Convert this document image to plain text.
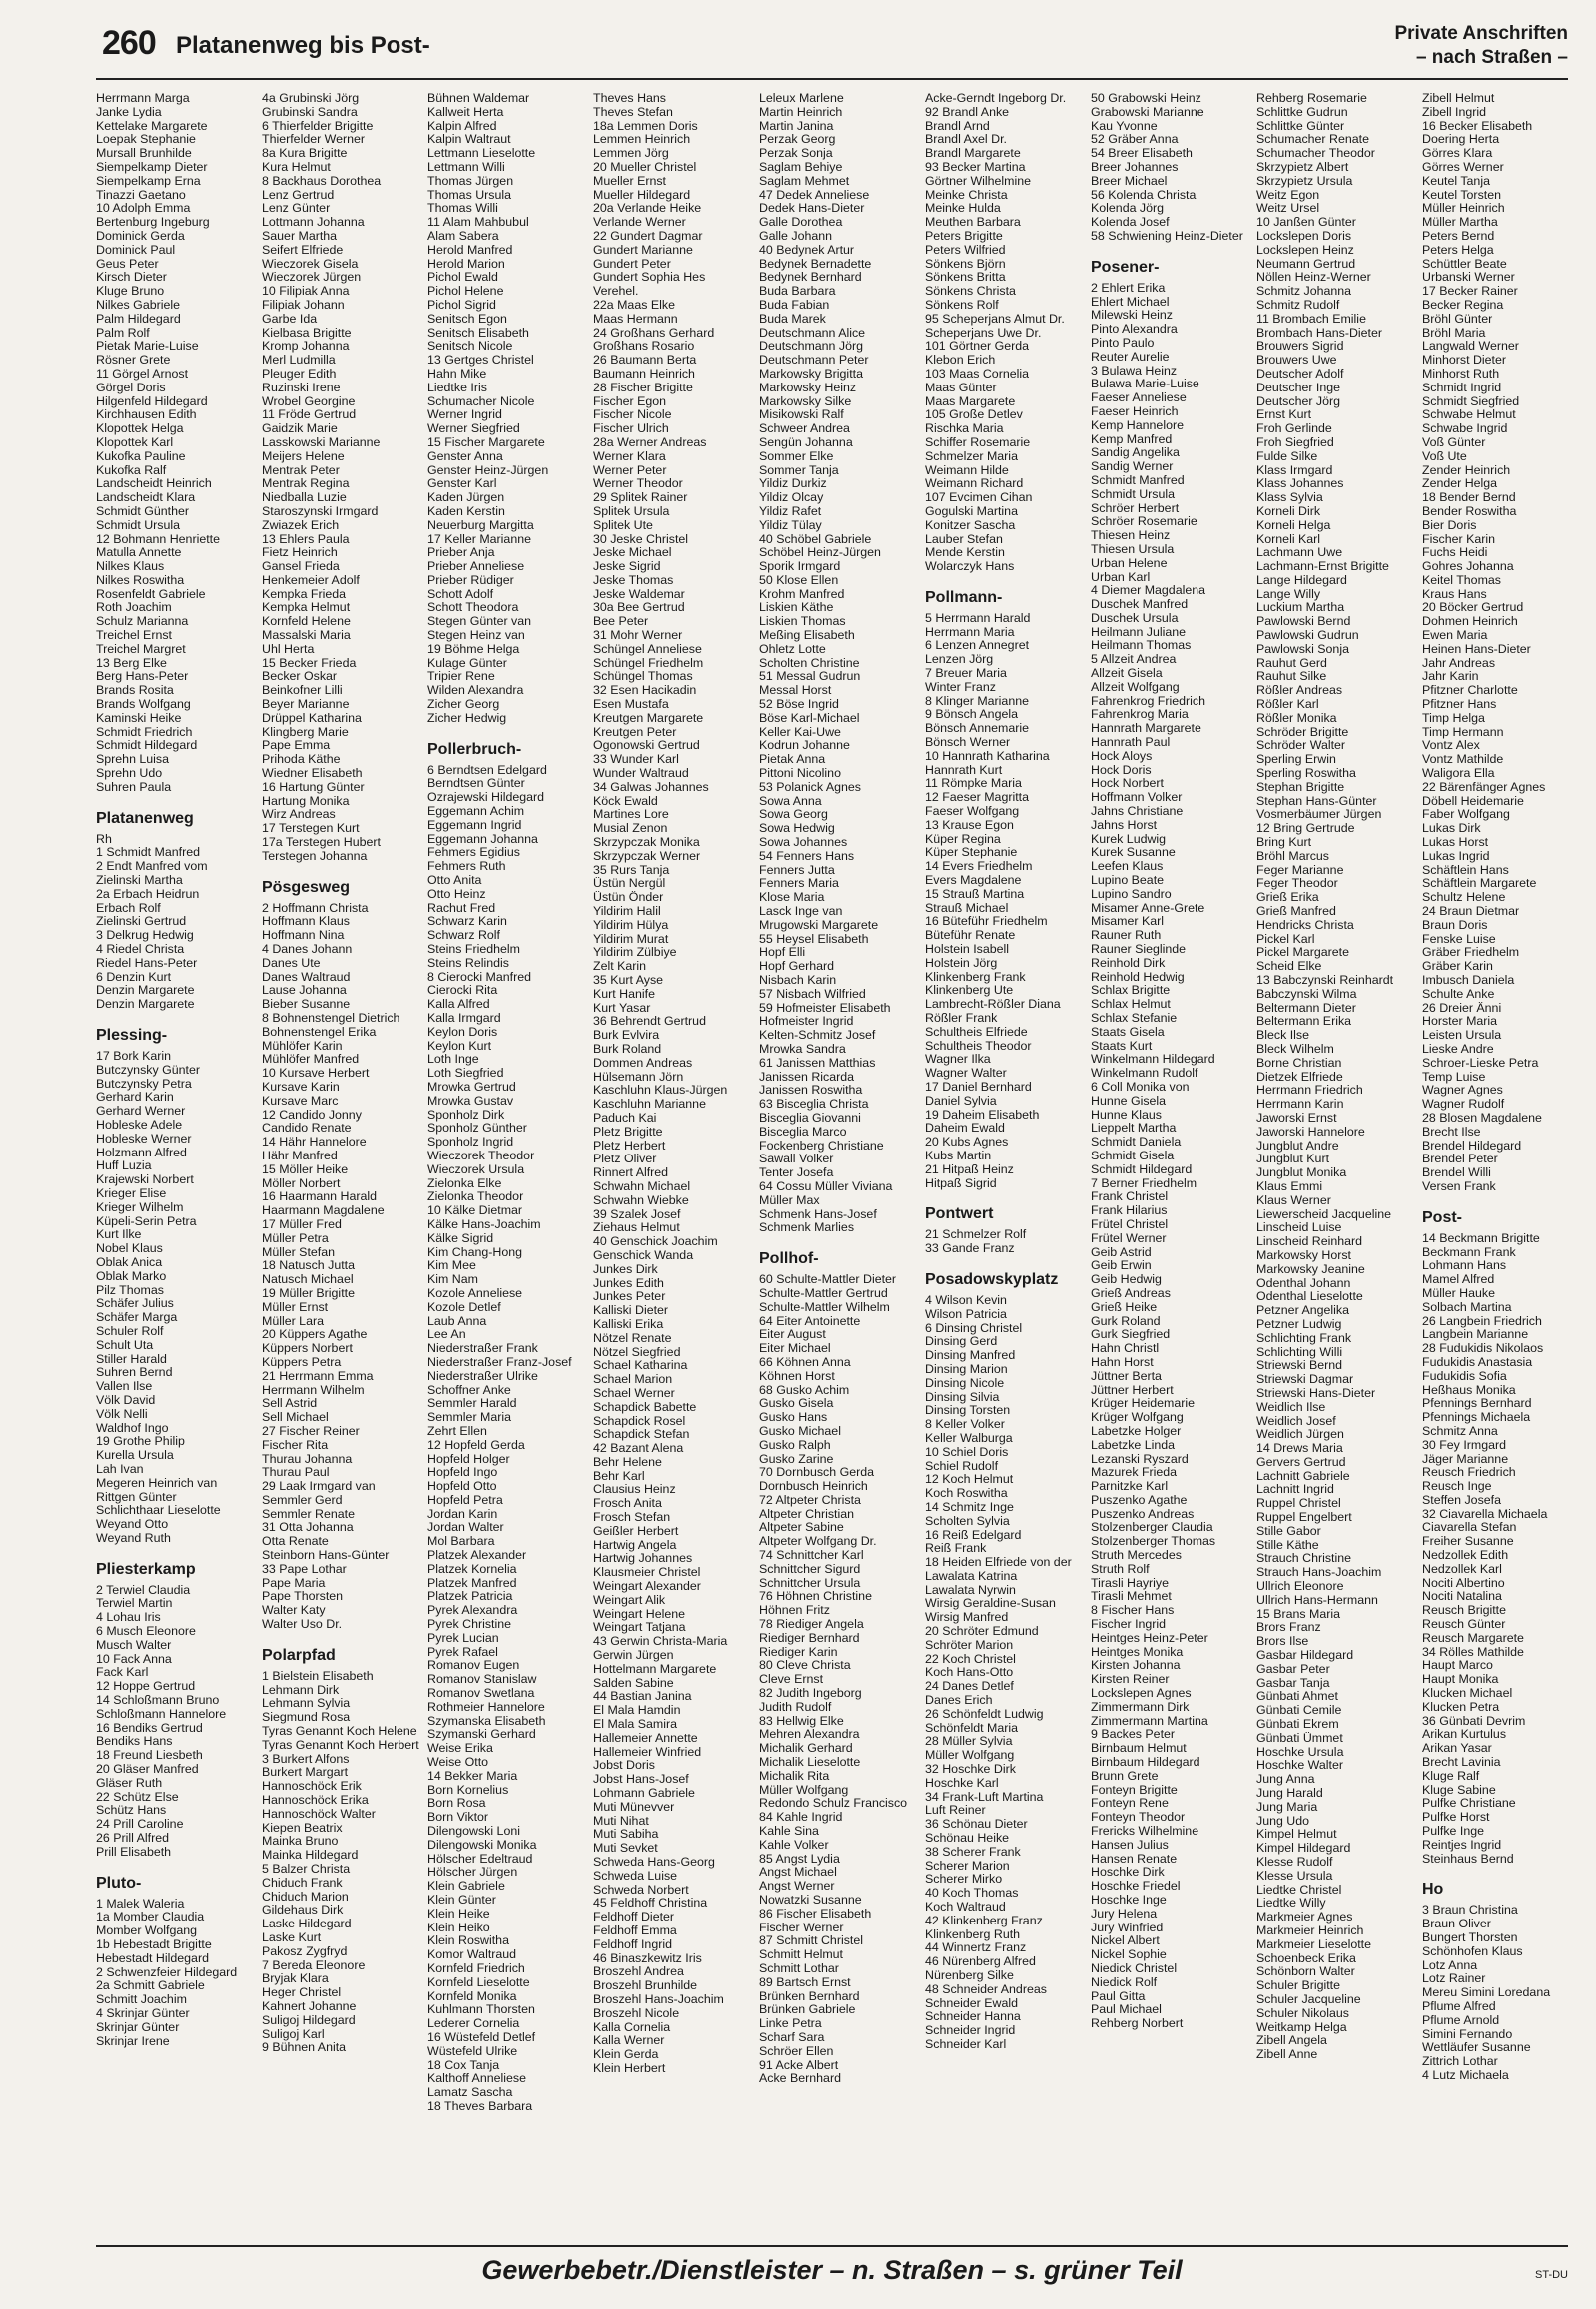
260 Platanenweg bis Post-	Private Anschriften
– nach Straßen –
Herrmann Marga
Janke Lydia
Kettelake Margarete
Loepak Stephanie
Mursall Brunhilde
Siempelkamp Dieter
Siempelkamp Erna
Tinazzi Gaetano
10 Adolph Emma
Bertenburg Ingeburg
Dominick Gerda
Dominick Paul
Geus Peter
Kirsch Dieter
Kluge Bruno
Nilkes Gabriele
Palm Hildegard
Palm Rolf
Pietak Marie-Luise
Rösner Grete
11 Görgel Arnost
Görgel Doris
Hilgenfeld Hildegard
Kirchhausen Edith
Klopottek Helga
Klopottek Karl
Kukofka Pauline
Kukofka Ralf
Landscheidt Heinrich
Landscheidt Klara
Schmidt Günther
Schmidt Ursula
12 Bohmann Henriette
Matulla Annette
Nilkes Klaus
Nilkes Roswitha
Rosenfeldt Gabriele
Roth Joachim
Schulz Marianna
Treichel Ernst
Treichel Margret
13 Berg Elke
Berg Hans-Peter
Brands Rosita
Brands Wolfgang
Kaminski Heike
Schmidt Friedrich
Schmidt Hildegard
Sprehn Luisa
Sprehn Udo
Suhren Paula
Platanenweg
Rh
1 Schmidt Manfred
2 Endt Manfred vom
Zielinski Martha
2a Erbach Heidrun
Erbach Rolf
Zielinski Gertrud
3 Delkrug Hedwig
4 Riedel Christa
Riedel Hans-Peter
6 Denzin Kurt
Denzin Margarete
Denzin Margarete
Plessing-
17 Bork Karin
Butczynsky Günter
Butczynsky Petra
Gerhard Karin
Gerhard Werner
Hobleske Adele
Hobleske Werner
Holzmann Alfred
Huff Luzia
Krajewski Norbert
Krieger Elise
Krieger Wilhelm
Küpeli-Serin Petra
Kurt Ilke
Nobel Klaus
Oblak Anica
Oblak Marko
Pilz Thomas
Schäfer Julius
Schäfer Marga
Schuler Rolf
Schult Uta
Stiller Harald
Suhren Bernd
Vallen Ilse
Völk David
Völk Nelli
Waldhof Ingo
19 Grothe Philip
Kurella Ursula
Lah Ivan
Megeren Heinrich van
Rittgen Günter
Schlichthaar Lieselotte
Weyand Otto
Weyand Ruth
Pliesterkamp
2 Terwiel Claudia
Terwiel Martin
4 Lohau Iris
6 Musch Eleonore
Musch Walter
10 Fack Anna
Fack Karl
12 Hoppe Gertrud
14 Schloßmann Bruno
Schloßmann Hannelore
16 Bendiks Gertrud
Bendiks Hans
18 Freund Liesbeth
20 Gläser Manfred
Gläser Ruth
22 Schütz Else
Schütz Hans
24 Prill Caroline
26 Prill Alfred
Prill Elisabeth
Pluto-
1 Malek Waleria
1a Momber Claudia
Momber Wolfgang
1b Hebestadt Brigitte
Hebestadt Hildegard
2 Schwenzfeier Hildegard
2a Schmitt Gabriele
Schmitt Joachim
4 Skrinjar Günter
Skrinjar Günter
Skrinjar Irene
4a Grubinski Jörg
Grubinski Sandra
6 Thierfelder Brigitte
Thierfelder Werner
8a Kura Brigitte
Kura Helmut
8 Backhaus Dorothea
Lenz Gertrud
Lenz Günter
Lottmann Johanna
Sauer Martha
Seifert Elfriede
Wieczorek Gisela
Wieczorek Jürgen
10 Filipiak Anna
Filipiak Johann
Garbe Ida
Kielbasa Brigitte
Kromp Johanna
Merl Ludmilla
Pleuger Edith
Ruzinski Irene
Wrobel Georgine
11 Fröde Gertrud
Gaidzik Marie
Lasskowski Marianne
Meijers Helene
Mentrak Peter
Mentrak Regina
Niedballa Luzie
Staroszynski Irmgard
Zwiazek Erich
13 Ehlers Paula
Fietz Heinrich
Gansel Frieda
Henkemeier Adolf
Kempka Frieda
Kempka Helmut
Kornfeld Helene
Massalski Maria
Uhl Herta
15 Becker Frieda
Becker Oskar
Beinkofner Lilli
Beyer Marianne
Drüppel Katharina
Klingberg Marie
Pape Emma
Prihoda Käthe
Wiedner Elisabeth
16 Hartung Günter
Hartung Monika
Wirz Andreas
17 Terstegen Kurt
17a Terstegen Hubert
Terstegen Johanna
Pösgesweg
2 Hoffmann Christa
Hoffmann Klaus
Hoffmann Nina
4 Danes Johann
Danes Ute
Danes Waltraud
Lause Johanna
Bieber Susanne
8 Bohnenstengel Dietrich
Bohnenstengel Erika
Mühlöfer Karin
Mühlöfer Manfred
10 Kursave Herbert
Kursave Karin
Kursave Marc
12 Candido Jonny
Candido Renate
14 Hähr Hannelore
Hähr Manfred
15 Möller Heike
Möller Norbert
16 Haarmann Harald
Haarmann Magdalene
17 Müller Fred
Müller Petra
Müller Stefan
18 Natusch Jutta
Natusch Michael
19 Müller Brigitte
Müller Ernst
Müller Lara
20 Küppers Agathe
Küppers Norbert
Küppers Petra
21 Herrmann Emma
Herrmann Wilhelm
Sell Astrid
Sell Michael
27 Fischer Reiner
Fischer Rita
Thurau Johanna
Thurau Paul
29 Laak Irmgard van
Semmler Gerd
Semmler Renate
31 Otta Johanna
Otta Renate
Steinborn Hans-Günter
33 Pape Lothar
Pape Maria
Pape Thorsten
Walter Katy
Walter Uso Dr.
Polarpfad
1 Bielstein Elisabeth
Lehmann Dirk
Lehmann Sylvia
Siegmund Rosa
Tyras Genannt Koch Helene
Tyras Genannt Koch Herbert
3 Burkert Alfons
Burkert Margart
Hannoschöck Erik
Hannoschöck Erika
Hannoschöck Walter
Kiepen Beatrix
Mainka Bruno
Mainka Hildegard
5 Balzer Christa
Chiduch Frank
Chiduch Marion
Gildehaus Dirk
Laske Hildegard
Laske Kurt
Pakosz Zygfryd
7 Bereda Eleonore
Bryjak Klara
Heger Christel
Kahnert Johanne
Suligoj Hildegard
Suligoj Karl
9 Bühnen Anita
Bühnen Waldemar
Kallweit Herta
Kalpin Alfred
Kalpin Waltraut
Lettmann Lieselotte
Lettmann Willi
Thomas Jürgen
Thomas Ursula
Thomas Willi
11 Alam Mahbubul
Alam Sabera
Herold Manfred
Herold Marion
Pichol Ewald
Pichol Helene
Pichol Sigrid
Senitsch Egon
Senitsch Elisabeth
Senitsch Nicole
13 Gertges Christel
Hahn Mike
Liedtke Iris
Schumacher Nicole
Werner Ingrid
Werner Siegfried
15 Fischer Margarete
Genster Anna
Genster Heinz-Jürgen
Genster Karl
Kaden Jürgen
Kaden Kerstin
Neuerburg Margitta
17 Keller Marianne
Prieber Anja
Prieber Anneliese
Prieber Rüdiger
Schott Adolf
Schott Theodora
Stegen Günter van
Stegen Heinz van
19 Böhme Helga
Kulage Günter
Tripier Rene
Wilden Alexandra
Zicher Georg
Zicher Hedwig
Pollerbruch-
6 Berndtsen Edelgard
Berndtsen Günter
Ozrajewski Hildegard
Eggemann Achim
Eggemann Ingrid
Eggemann Johanna
Fehmers Egidius
Fehmers Ruth
Otto Anita
Otto Heinz
Rachut Fred
Schwarz Karin
Schwarz Rolf
Steins Friedhelm
Steins Relindis
8 Cierocki Manfred
Cierocki Rita
Kalla Alfred
Kalla Irmgard
Keylon Doris
Keylon Kurt
Loth Inge
Loth Siegfried
Mrowka Gertrud
Mrowka Gustav
Sponholz Dirk
Sponholz Günther
Sponholz Ingrid
Wieczorek Theodor
Wieczorek Ursula
Zielonka Elke
Zielonka Theodor
10 Kälke Dietmar
Kälke Hans-Joachim
Kälke Sigrid
Kim Chang-Hong
Kim Mee
Kim Nam
Kozole Anneliese
Kozole Detlef
Laub Anna
Lee An
Niederstraßer Frank
Niederstraßer Franz-Josef
Niederstraßer Ulrike
Schoffner Anke
Semmler Harald
Semmler Maria
Zehrt Ellen
12 Hopfeld Gerda
Hopfeld Holger
Hopfeld Ingo
Hopfeld Otto
Hopfeld Petra
Jordan Karin
Jordan Walter
Mol Barbara
Platzek Alexander
Platzek Kornelia
Platzek Manfred
Platzek Patricia
Pyrek Alexandra
Pyrek Christine
Pyrek Lucian
Pyrek Rafael
Romanov Eugen
Romanov Stanislaw
Romanov Swetlana
Rothmeier Hannelore
Szymanska Elisabeth
Szymanski Gerhard
Weise Erika
Weise Otto
14 Bekker Maria
Born Kornelius
Born Rosa
Born Viktor
Dilengowski Loni
Dilengowski Monika
Hölscher Edeltraud
Hölscher Jürgen
Klein Gabriele
Klein Günter
Klein Heike
Klein Heiko
Klein Roswitha
Komor Waltraud
Kornfeld Friedrich
Kornfeld Lieselotte
Kornfeld Monika
Kuhlmann Thorsten
Lederer Cornelia
16 Wüstefeld Detlef
Wüstefeld Ulrike
18 Cox Tanja
Kalthoff Anneliese
Lamatz Sascha
18 Theves Barbara
Theves Hans
Theves Stefan
18a Lemmen Doris
Lemmen Heinrich
Lemmen Jörg
20 Mueller Christel
Mueller Ernst
Mueller Hildegard
20a Verlande Heike
Verlande Werner
22 Gundert Dagmar
Gundert Marianne
Gundert Peter
Gundert Sophia Hes
Verehel.
22a Maas Elke
Maas Hermann
24 Großhans Gerhard
Großhans Rosario
26 Baumann Berta
Baumann Heinrich
28 Fischer Brigitte
Fischer Egon
Fischer Nicole
Fischer Ulrich
28a Werner Andreas
Werner Klara
Werner Peter
Werner Theodor
29 Splitek Rainer
Splitek Ursula
Splitek Ute
30 Jeske Christel
Jeske Michael
Jeske Sigrid
Jeske Thomas
Jeske Waldemar
30a Bee Gertrud
Bee Peter
31 Mohr Werner
Schüngel Anneliese
Schüngel Friedhelm
Schüngel Thomas
32 Esen Hacikadin
Esen Mustafa
Kreutgen Margarete
Kreutgen Peter
Ogonowski Gertrud
33 Wunder Karl
Wunder Waltraud
34 Galwas Johannes
Köck Ewald
Martines Lore
Musial Zenon
Skrzypczak Monika
Skrzypczak Werner
35 Rurs Tanja
Üstün Nergül
Üstün Önder
Yildirim Halil
Yildirim Hülya
Yildirim Murat
Yildirim Zülbiye
Zelt Karin
35 Kurt Ayse
Kurt Hanife
Kurt Yasar
36 Behrendt Gertrud
Burk Evlvira
Burk Roland
Dommen Andreas
Hülsemann Jörn
Kaschluhn Klaus-Jürgen
Kaschluhn Marianne
Paduch Kai
Pletz Brigitte
Pletz Herbert
Pletz Oliver
Rinnert Alfred
Schwahn Michael
Schwahn Wiebke
39 Szalek Josef
Ziehaus Helmut
40 Genschick Joachim
Genschick Wanda
Junkes Dirk
Junkes Edith
Junkes Peter
Kalliski Dieter
Kalliski Erika
Nötzel Renate
Nötzel Siegfried
Schael Katharina
Schael Marion
Schael Werner
Schapdick Babette
Schapdick Rosel
Schapdick Stefan
42 Bazant Alena
Behr Helene
Behr Karl
Clausius Heinz
Frosch Anita
Frosch Stefan
Geißler Herbert
Hartwig Angela
Hartwig Johannes
Klausmeier Christel
Weingart Alexander
Weingart Alik
Weingart Helene
Weingart Tatjana
43 Gerwin Christa-Maria
Gerwin Jürgen
Hottelmann Margarete
Salden Sabine
44 Bastian Janina
El Mala Hamdin
El Mala Samira
Hallemeier Annette
Hallemeier Winfried
Jobst Doris
Jobst Hans-Josef
Lohmann Gabriele
Muti Münevver
Muti Nihat
Muti Sabiha
Muti Sevket
Schweda Hans-Georg
Schweda Luise
Schweda Norbert
45 Feldhoff Christina
Feldhoff Dieter
Feldhoff Emma
Feldhoff Ingrid
46 Binaszkewitz Iris
Broszehl Andrea
Broszehl Brunhilde
Broszehl Hans-Joachim
Broszehl Nicole
Kalla Cornelia
Kalla Werner
Klein Gerda
Klein Herbert
Leleux Marlene
Martin Heinrich
Martin Janina
Perzak Georg
Perzak Sonja
Saglam Behiye
Saglam Mehmet
47 Dedek Anneliese
Dedek Hans-Dieter
Galle Dorothea
Galle Johann
40 Bedynek Artur
Bedynek Bernadette
Bedynek Bernhard
Buda Barbara
Buda Fabian
Buda Marek
Deutschmann Alice
Deutschmann Jörg
Deutschmann Peter
Markowsky Brigitta
Markowsky Heinz
Markowsky Silke
Misikowski Ralf
Schweer Andrea
Sengün Johanna
Sommer Elke
Sommer Tanja
Yildiz Durkiz
Yildiz Olcay
Yildiz Rafet
Yildiz Tülay
40 Schöbel Gabriele
Schöbel Heinz-Jürgen
Sporik Irmgard
50 Klose Ellen
Krohm Manfred
Liskien Käthe
Liskien Thomas
Meßing Elisabeth
Ohletz Lotte
Scholten Christine
51 Messal Gudrun
Messal Horst
52 Böse Ingrid
Böse Karl-Michael
Keller Kai-Uwe
Kodrun Johanne
Pietak Anna
Pittoni Nicolino
53 Polanick Agnes
Sowa Anna
Sowa Georg
Sowa Hedwig
Sowa Johannes
54 Fenners Hans
Fenners Jutta
Fenners Maria
Klose Maria
Lasck Inge van
Mrugowski Margarete
55 Heysel Elisabeth
Hopf Elli
Hopf Gerhard
Nisbach Karin
57 Nisbach Wilfried
59 Hofmeister Elisabeth
Hofmeister Ingrid
Kelten-Schmitz Josef
Mrowka Sandra
61 Janissen Matthias
Janissen Ricarda
Janissen Roswitha
63 Bisceglia Christa
Bisceglia Giovanni
Bisceglia Marco
Fockenberg Christiane
Sawall Volker
Tenter Josefa
64 Cossu Müller Viviana
Müller Max
Schmenk Hans-Josef
Schmenk Marlies
Pollhof-
60 Schulte-Mattler Dieter
Schulte-Mattler Gertrud
Schulte-Mattler Wilhelm
64 Eiter Antoinette
Eiter August
Eiter Michael
66 Köhnen Anna
Köhnen Horst
68 Gusko Achim
Gusko Gisela
Gusko Hans
Gusko Michael
Gusko Ralph
Gusko Zarine
70 Dornbusch Gerda
Dornbusch Heinrich
72 Altpeter Christa
Altpeter Christian
Altpeter Sabine
Altpeter Wolfgang Dr.
74 Schnittcher Karl
Schnittcher Sigurd
Schnittcher Ursula
76 Höhnen Christine
Höhnen Fritz
78 Riediger Angela
Riediger Bernhard
Riediger Karin
80 Cleve Christa
Cleve Ernst
82 Judith Ingeborg
Judith Rudolf
83 Hellwig Elke
Mehren Alexandra
Michalik Gerhard
Michalik Lieselotte
Michalik Rita
Müller Wolfgang
Redondo Schulz Francisco
84 Kahle Ingrid
Kahle Sina
Kahle Volker
85 Angst Lydia
Angst Michael
Angst Werner
Nowatzki Susanne
86 Fischer Elisabeth
Fischer Werner
87 Schmitt Christel
Schmitt Helmut
Schmitt Lothar
89 Bartsch Ernst
Brünken Bernhard
Brünken Gabriele
Linke Petra
Scharf Sara
Schröer Ellen
91 Acke Albert
Acke Bernhard
Acke-Gerndt Ingeborg Dr.
92 Brandl Anke
Brandl Arnd
Brandl Axel Dr.
Brandl Margarete
93 Becker Martina
Görtner Wilhelmine
Meinke Christa
Meinke Hulda
Meuthen Barbara
Peters Brigitte
Peters Wilfried
Sönkens Björn
Sönkens Britta
Sönkens Christa
Sönkens Rolf
95 Scheperjans Almut Dr.
Scheperjans Uwe Dr.
101 Görtner Gerda
Klebon Erich
103 Maas Cornelia
Maas Günter
Maas Margarete
105 Große Detlev
Rischka Maria
Schiffer Rosemarie
Schmelzer Maria
Weimann Hilde
Weimann Richard
107 Evcimen Cihan
Gogulski Martina
Konitzer Sascha
Lauber Stefan
Mende Kerstin
Wolarczyk Hans
Pollmann-
5 Herrmann Harald
Herrmann Maria
6 Lenzen Annegret
Lenzen Jörg
7 Breuer Maria
Winter Franz
8 Klinger Marianne
9 Bönsch Angela
Bönsch Annemarie
Bönsch Werner
10 Hannrath Katharina
Hannrath Kurt
11 Römpke Maria
12 Faeser Magritta
Faeser Wolfgang
13 Krause Egon
Küper Regina
Küper Stephanie
14 Evers Friedhelm
Evers Magdalene
15 Strauß Martina
Strauß Michael
16 Büteführ Friedhelm
Büteführ Renate
Holstein Isabell
Holstein Jörg
Klinkenberg Frank
Klinkenberg Ute
Lambrecht-Rößler Diana
Rößler Frank
Schultheis Elfriede
Schultheis Theodor
Wagner Ilka
Wagner Walter
17 Daniel Bernhard
Daniel Sylvia
19 Daheim Elisabeth
Daheim Ewald
20 Kubs Agnes
Kubs Martin
21 Hitpaß Heinz
Hitpaß Sigrid
Pontwert
21 Schmelzer Rolf
33 Gande Franz
Posadowskyplatz
4 Wilson Kevin
Wilson Patricia
6 Dinsing Christel
Dinsing Gerd
Dinsing Manfred
Dinsing Marion
Dinsing Nicole
Dinsing Silvia
Dinsing Torsten
8 Keller Volker
Keller Walburga
10 Schiel Doris
Schiel Rudolf
12 Koch Helmut
Koch Roswitha
14 Schmitz Inge
Scholten Sylvia
16 Reiß Edelgard
Reiß Frank
18 Heiden Elfriede von der
Lawalata Katrina
Lawalata Nyrwin
Wirsig Geraldine-Susan
Wirsig Manfred
20 Schröter Edmund
Schröter Marion
22 Koch Christel
Koch Hans-Otto
24 Danes Detlef
Danes Erich
26 Schönfeldt Ludwig
Schönfeldt Maria
28 Müller Sylvia
Müller Wolfgang
32 Hoschke Dirk
Hoschke Karl
34 Frank-Luft Martina
Luft Reiner
36 Schönau Dieter
Schönau Heike
38 Scherer Frank
Scherer Marion
Scherer Mirko
40 Koch Thomas
Koch Waltraud
42 Klinkenberg Franz
Klinkenberg Ruth
44 Winnertz Franz
46 Nürenberg Alfred
Nürenberg Silke
48 Schneider Andreas
Schneider Ewald
Schneider Hanna
Schneider Ingrid
Schneider Karl
50 Grabowski Heinz
Grabowski Marianne
Kau Yvonne
52 Gräber Anna
54 Breer Elisabeth
Breer Johannes
Breer Michael
56 Kolenda Christa
Kolenda Jörg
Kolenda Josef
58 Schwiening Heinz-Dieter
Posener-
2 Ehlert Erika
Ehlert Michael
Milewski Heinz
Pinto Alexandra
Pinto Paulo
Reuter Aurelie
3 Bulawa Heinz
Bulawa Marie-Luise
Faeser Anneliese
Faeser Heinrich
Kemp Hannelore
Kemp Manfred
Sandig Angelika
Sandig Werner
Schmidt Manfred
Schmidt Ursula
Schröer Herbert
Schröer Rosemarie
Thiesen Heinz
Thiesen Ursula
Urban Helene
Urban Karl
4 Diemer Magdalena
Duschek Manfred
Duschek Ursula
Heilmann Juliane
Heilmann Thomas
5 Allzeit Andrea
Allzeit Gisela
Allzeit Wolfgang
Fahrenkrog Friedrich
Fahrenkrog Maria
Hannrath Margarete
Hannrath Paul
Hock Aloys
Hock Doris
Hock Norbert
Hoffmann Volker
Jahns Christiane
Jahns Horst
Kurek Ludwig
Kurek Susanne
Leefen Klaus
Lupino Beate
Lupino Sandro
Misamer Anne-Grete
Misamer Karl
Rauner Ruth
Rauner Sieglinde
Reinhold Dirk
Reinhold Hedwig
Schlax Brigitte
Schlax Helmut
Schlax Stefanie
Staats Gisela
Staats Kurt
Winkelmann Hildegard
Winkelmann Rudolf
6 Coll Monika von
Hunne Gisela
Hunne Klaus
Lieppelt Martha
Schmidt Daniela
Schmidt Gisela
Schmidt Hildegard
7 Berner Friedhelm
Frank Christel
Frank Hilarius
Frütel Christel
Frütel Werner
Geib Astrid
Geib Erwin
Geib Hedwig
Grieß Andreas
Grieß Heike
Gurk Roland
Gurk Siegfried
Hahn Christl
Hahn Horst
Jüttner Berta
Jüttner Herbert
Krüger Heidemarie
Krüger Wolfgang
Labetzke Holger
Labetzke Linda
Lezanski Ryszard
Mazurek Frieda
Parnitzke Karl
Puszenko Agathe
Puszenko Andreas
Stolzenberger Claudia
Stolzenberger Thomas
Struth Mercedes
Struth Rolf
Tirasli Hayriye
Tirasli Mehmet
8 Fischer Hans
Fischer Ingrid
Heintges Heinz-Peter
Heintges Monika
Kirsten Johanna
Kirsten Reiner
Lockslepen Agnes
Zimmermann Dirk
Zimmermann Martina
9 Backes Peter
Birnbaum Helmut
Birnbaum Hildegard
Brunn Grete
Fonteyn Brigitte
Fonteyn Rene
Fonteyn Theodor
Frericks Wilhelmine
Hansen Julius
Hansen Renate
Hoschke Dirk
Hoschke Friedel
Hoschke Inge
Jury Helena
Jury Winfried
Nickel Albert
Nickel Sophie
Niedick Christel
Niedick Rolf
Paul Gitta
Paul Michael
Rehberg Norbert
Rehberg Rosemarie
Schlittke Gudrun
Schlittke Günter
Schumacher Renate
Schumacher Theodor
Skrzypietz Albert
Skrzypietz Ursula
Weitz Egon
Weitz Ursel
10 Janßen Günter
Lockslepen Doris
Lockslepen Heinz
Neumann Gertrud
Nöllen Heinz-Werner
Schmitz Johanna
Schmitz Rudolf
11 Brombach Emilie
Brombach Hans-Dieter
Brouwers Sigrid
Brouwers Uwe
Deutscher Adolf
Deutscher Inge
Deutscher Jörg
Ernst Kurt
Froh Gerlinde
Froh Siegfried
Fulde Silke
Klass Irmgard
Klass Johannes
Klass Sylvia
Korneli Dirk
Korneli Helga
Korneli Karl
Lachmann Uwe
Lachmann-Ernst Brigitte
Lange Hildegard
Lange Willy
Luckium Martha
Pawlowski Bernd
Pawlowski Gudrun
Pawlowski Sonja
Rauhut Gerd
Rauhut Silke
Rößler Andreas
Rößler Karl
Rößler Monika
Schröder Brigitte
Schröder Walter
Sperling Erwin
Sperling Roswitha
Stephan Brigitte
Stephan Hans-Günter
Vosmerbäumer Jürgen
12 Bring Gertrude
Bring Kurt
Bröhl Marcus
Feger Marianne
Feger Theodor
Grieß Erika
Grieß Manfred
Hendricks Christa
Pickel Karl
Pickel Margarete
Scheid Elke
13 Babczynski Reinhardt
Babczynski Wilma
Beltermann Dieter
Beltermann Erika
Bleck Ilse
Bleck Wilhelm
Borne Christian
Dietzek Elfriede
Herrmann Friedrich
Herrmann Karin
Jaworski Ernst
Jaworski Hannelore
Jungblut Andre
Jungblut Kurt
Jungblut Monika
Klaus Emmi
Klaus Werner
Liewerscheid Jacqueline
Linscheid Luise
Linscheid Reinhard
Markowsky Horst
Markowsky Jeanine
Odenthal Johann
Odenthal Lieselotte
Petzner Angelika
Petzner Ludwig
Schlichting Frank
Schlichting Willi
Striewski Bernd
Striewski Dagmar
Striewski Hans-Dieter
Weidlich Ilse
Weidlich Josef
Weidlich Jürgen
14 Drews Maria
Gervers Gertrud
Lachnitt Gabriele
Lachnitt Ingrid
Ruppel Christel
Ruppel Engelbert
Stille Gabor
Stille Käthe
Strauch Christine
Strauch Hans-Joachim
Ullrich Eleonore
Ullrich Hans-Hermann
15 Brans Maria
Brors Franz
Brors Ilse
Gasbar Hildegard
Gasbar Peter
Gasbar Tanja
Günbati Ahmet
Günbati Cemile
Günbati Ekrem
Günbati Ümmet
Hoschke Ursula
Hoschke Walter
Jung Anna
Jung Harald
Jung Maria
Jung Udo
Kimpel Helmut
Kimpel Hildegard
Klesse Rudolf
Klesse Ursula
Liedtke Christel
Liedtke Willy
Markmeier Agnes
Markmeier Heinrich
Markmeier Lieselotte
Schoenbeck Erika
Schönborn Walter
Schuler Brigitte
Schuler Jacqueline
Schuler Nikolaus
Weitkamp Helga
Zibell Angela
Zibell Anne
Zibell Helmut
Zibell Ingrid
16 Becker Elisabeth
Doering Herta
Görres Klara
Görres Werner
Keutel Tanja
Keutel Torsten
Müller Heinrich
Müller Martha
Peters Bernd
Peters Helga
Schüttler Beate
Urbanski Werner
17 Becker Rainer
Becker Regina
Bröhl Günter
Bröhl Maria
Langwald Werner
Minhorst Dieter
Minhorst Ruth
Schmidt Ingrid
Schmidt Siegfried
Schwabe Helmut
Schwabe Ingrid
Voß Günter
Voß Ute
Zender Heinrich
Zender Helga
18 Bender Bernd
Bender Roswitha
Bier Doris
Fischer Karin
Fuchs Heidi
Gohres Johanna
Keitel Thomas
Kraus Hans
20 Böcker Gertrud
Dohmen Heinrich
Ewen Maria
Heinen Hans-Dieter
Jahr Andreas
Jahr Karin
Pfitzner Charlotte
Pfitzner Hans
Timp Helga
Timp Hermann
Vontz Alex
Vontz Mathilde
Waligora Ella
22 Bärenfänger Agnes
Döbell Heidemarie
Faber Wolfgang
Lukas Dirk
Lukas Horst
Lukas Ingrid
Schäftlein Hans
Schäftlein Margarete
Schultz Helene
24 Braun Dietmar
Braun Doris
Fenske Luise
Gräber Friedhelm
Gräber Karin
Imbusch Daniela
Schulte Anke
26 Dreier Änni
Horster Maria
Leisten Ursula
Lieske Andre
Schroer-Lieske Petra
Temp Luise
Wagner Agnes
Wagner Rudolf
28 Blosen Magdalene
Brecht Ilse
Brendel Hildegard
Brendel Peter
Brendel Willi
Versen Frank
Post-
14 Beckmann Brigitte
Beckmann Frank
Lohmann Hans
Mamel Alfred
Müller Hauke
Solbach Martina
26 Langbein Friedrich
Langbein Marianne
28 Fudukidis Nikolaos
Fudukidis Anastasia
Fudukidis Sofia
Heßhaus Monika
Pfennings Bernhard
Pfennings Michaela
Schmitz Anna
30 Fey Irmgard
Jäger Marianne
Reusch Friedrich
Reusch Inge
Steffen Josefa
32 Ciavarella Michaela
Ciavarella Stefan
Freiher Susanne
Nedzollek Edith
Nedzollek Karl
Nociti Albertino
Nociti Natalina
Reusch Brigitte
Reusch Günter
Reusch Margarete
34 Rölles Mathilde
Haupt Marco
Haupt Monika
Klucken Michael
Klucken Petra
36 Günbati Devrim
Arikan Kurtulus
Arikan Yasar
Brecht Lavinia
Kluge Ralf
Kluge Sabine
Pulfke Christiane
Pulfke Horst
Pulfke Inge
Reintjes Ingrid
Steinhaus Bernd
Ho
3 Braun Christina
Braun Oliver
Bungert Thorsten
Schönhofen Klaus
Lotz Anna
Lotz Rainer
Mereu Simini Loredana
Pflume Alfred
Pflume Arnold
Simini Fernando
Wettläufer Susanne
Zittrich Lothar
4 Lutz Michaela
Gewerbebetr./Dienstleister – n. Straßen – s. grüner Teil	ST-DU
